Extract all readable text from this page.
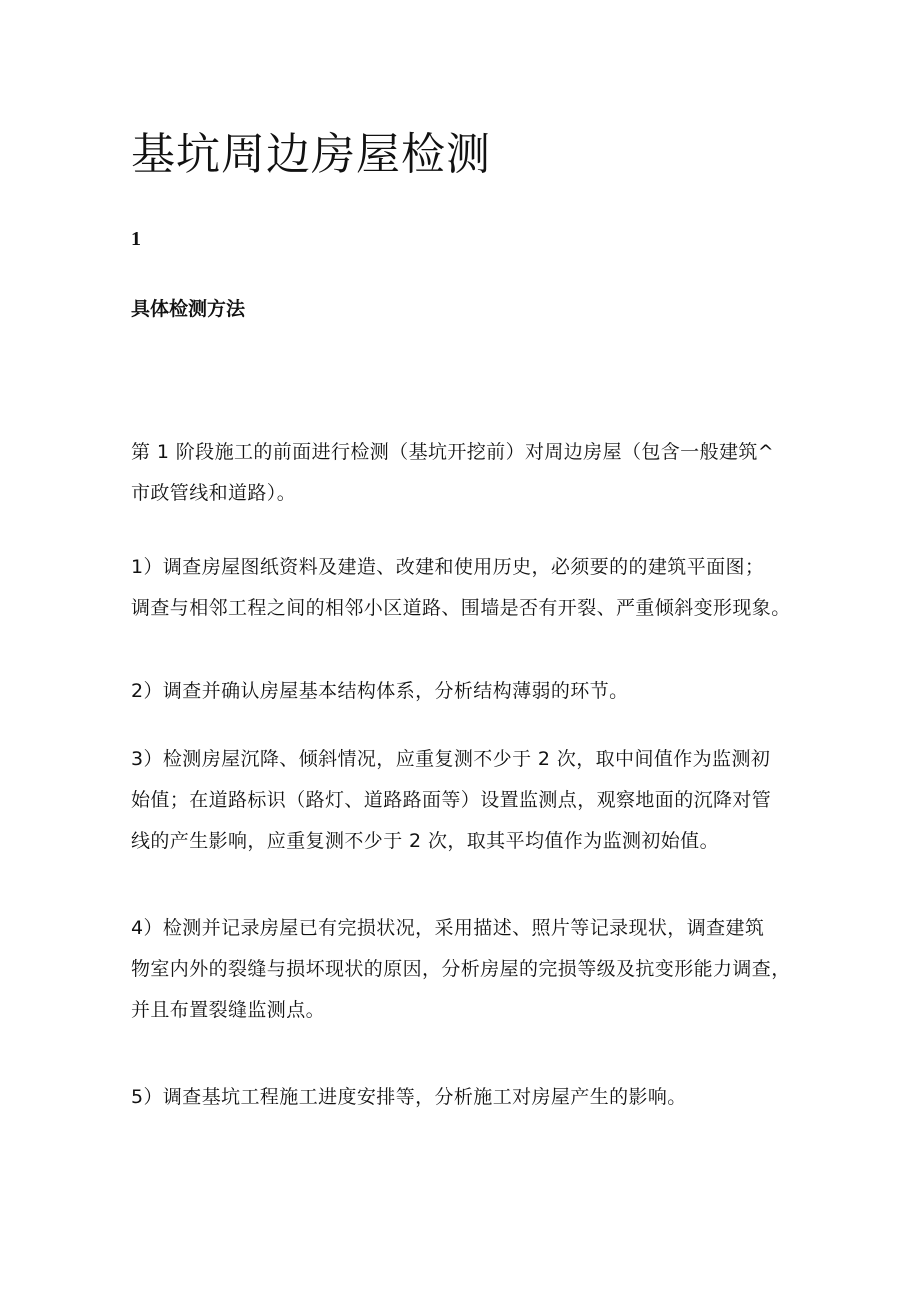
基坑周边房屋检测
1
具体检测方法

第 1 阶段施工的前面进行检测（基坑开挖前）对周边房屋（包含一般建筑^
市政管线和道路）。

1）调查房屋图纸资料及建造、改建和使用历史，必须要的的建筑平面图；
调查与相邻工程之间的相邻小区道路、围墙是否有开裂、严重倾斜变形现象。

2）调查并确认房屋基本结构体系，分析结构薄弱的环节。

3）检测房屋沉降、倾斜情况，应重复测不少于 2 次，取中间值作为监测初
始值；在道路标识（路灯、道路路面等）设置监测点，观察地面的沉降对管
线的产生影响，应重复测不少于 2 次，取其平均值作为监测初始值。

4）检测并记录房屋已有完损状况，采用描述、照片等记录现状，调查建筑
物室内外的裂缝与损坏现状的原因，分析房屋的完损等级及抗变形能力调查，
并且布置裂缝监测点。

5）调查基坑工程施工进度安排等，分析施工对房屋产生的影响。
